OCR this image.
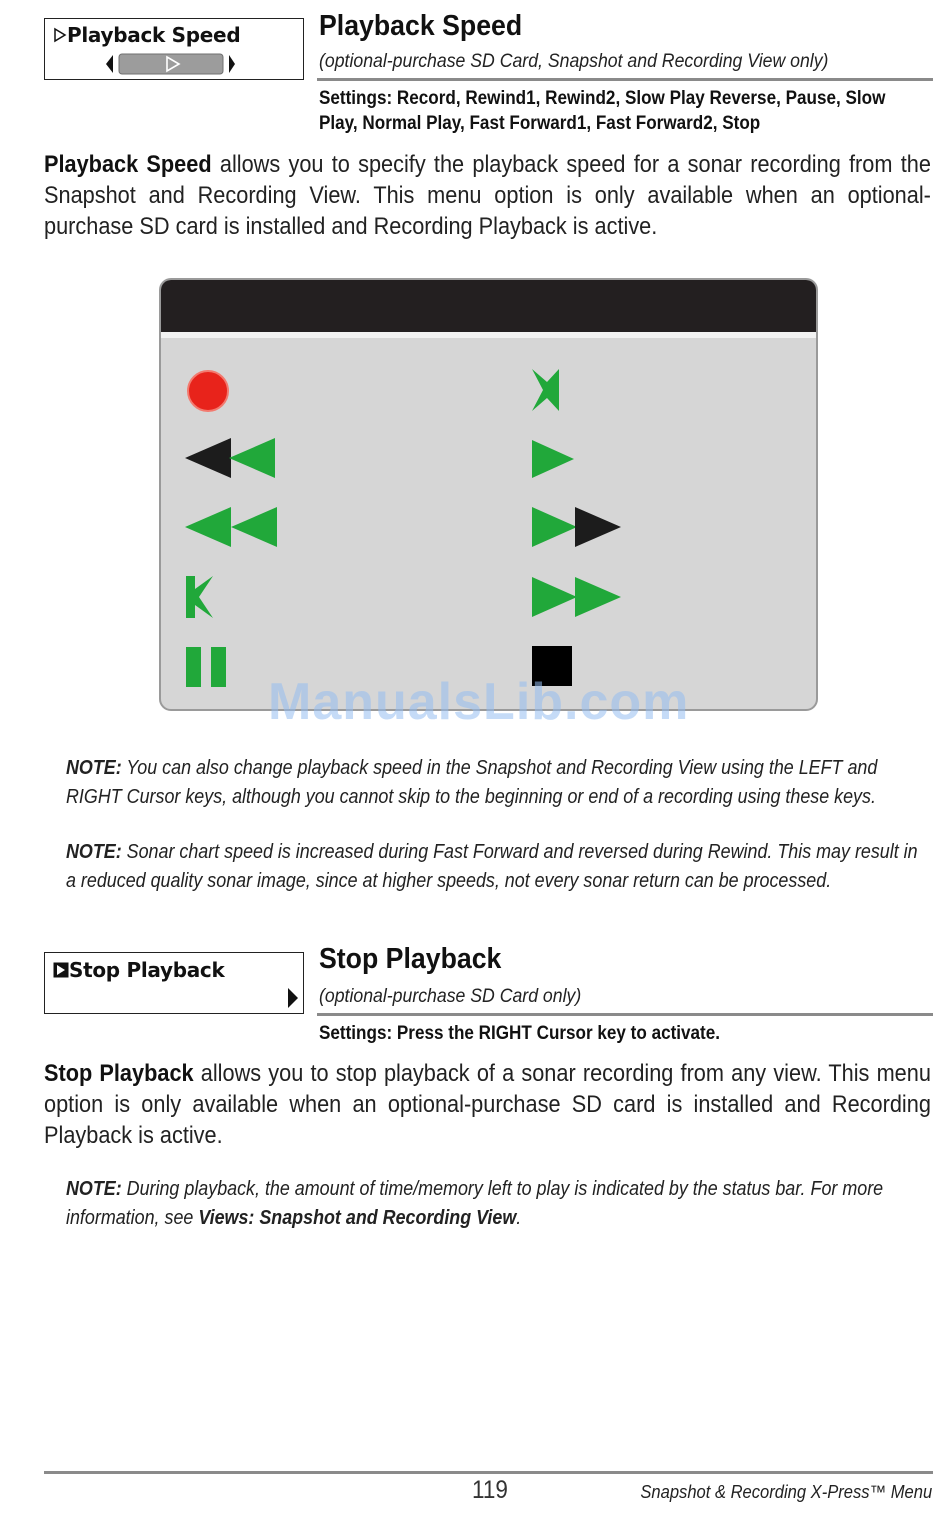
Playback Speed	Playback Speed
(optional-purchase SD Card, Snapshot and Recording View only)
Settings: Record, Rewind1, Rewind2, Slow Play Reverse, Pause, Slow Play, Normal Play, Fast Forward1, Fast Forward2, Stop
Playback Speed allows you to specify the playback speed for a sonar recording from the Snapshot and Recording View. This menu option is only available when an optional-purchase SD card is installed and Recording Playback is active.
ManualsLib.com
NOTE: You can also change playback speed in the Snapshot and Recording View using the LEFT and RIGHT Cursor keys, although you cannot skip to the beginning or end of a recording using these keys.
NOTE: Sonar chart speed is increased during Fast Forward and reversed during Rewind. This may result in a reduced quality sonar image, since at higher speeds, not every sonar return can be processed.
Stop Playback	Stop Playback
(optional-purchase SD Card only)
Settings: Press the RIGHT Cursor key to activate.
Stop Playback allows you to stop playback of a sonar recording from any view. This menu option is only available when an optional-purchase SD card is installed and Recording Playback is active.
NOTE: During playback, the amount of time/memory left to play is indicated by the status bar. For more information, see Views: Snapshot and Recording View.
119	Snapshot & Recording X-Press™ Menu
